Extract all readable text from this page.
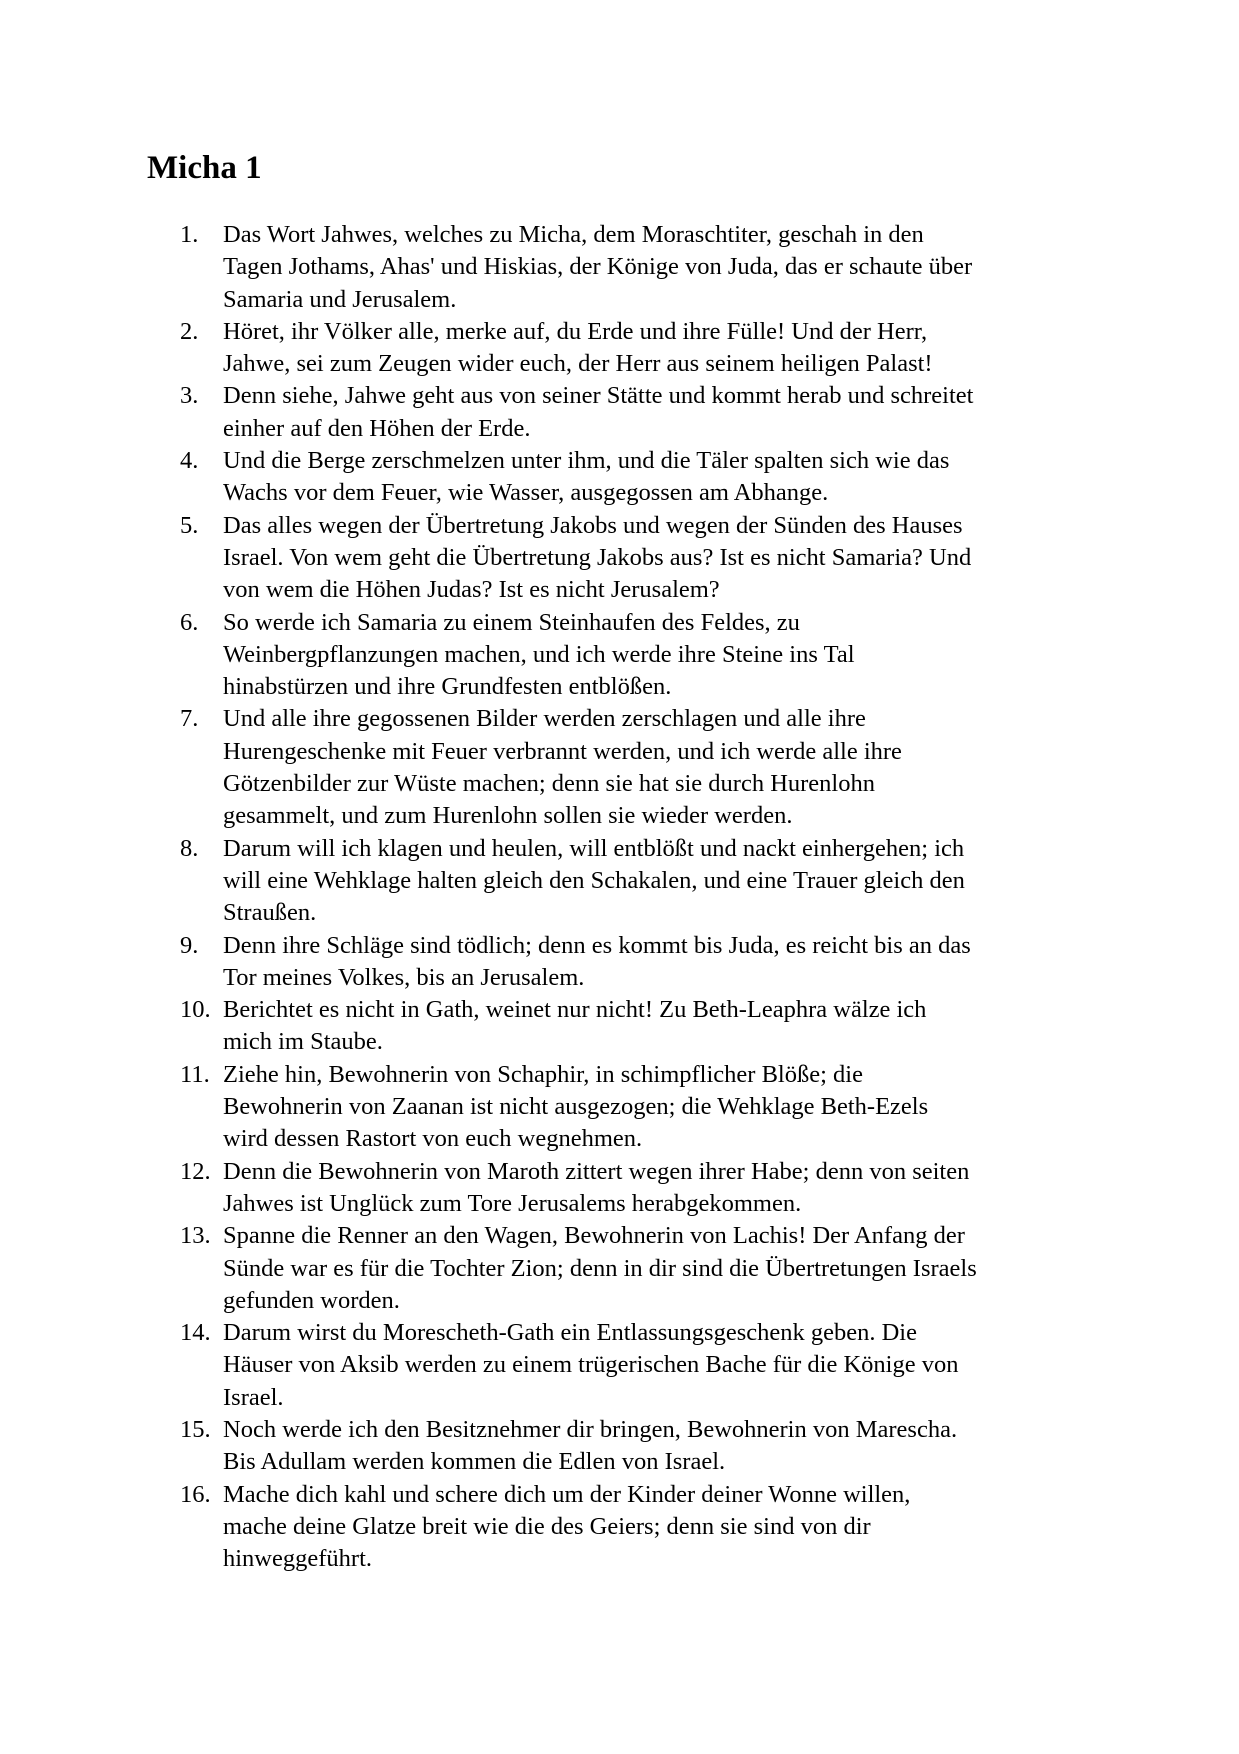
Micha 1
1.	Das Wort Jahwes, welches zu Micha, dem Moraschtiter, geschah in den
Tagen Jothams, Ahas' und Hiskias, der Könige von Juda, das er schaute über
Samaria und Jerusalem.
2.	Höret, ihr Völker alle, merke auf, du Erde und ihre Fülle! Und der Herr,
Jahwe, sei zum Zeugen wider euch, der Herr aus seinem heiligen Palast!
3.	Denn siehe, Jahwe geht aus von seiner Stätte und kommt herab und schreitet
einher auf den Höhen der Erde.
4.	Und die Berge zerschmelzen unter ihm, und die Täler spalten sich wie das
Wachs vor dem Feuer, wie Wasser, ausgegossen am Abhange.
5.	Das alles wegen der Übertretung Jakobs und wegen der Sünden des Hauses
Israel. Von wem geht die Übertretung Jakobs aus? Ist es nicht Samaria? Und
von wem die Höhen Judas? Ist es nicht Jerusalem?
6.	So werde ich Samaria zu einem Steinhaufen des Feldes, zu
Weinbergpflanzungen machen, und ich werde ihre Steine ins Tal
hinabstürzen und ihre Grundfesten entblößen.
7.	Und alle ihre gegossenen Bilder werden zerschlagen und alle ihre
Hurengeschenke mit Feuer verbrannt werden, und ich werde alle ihre
Götzenbilder zur Wüste machen; denn sie hat sie durch Hurenlohn
gesammelt, und zum Hurenlohn sollen sie wieder werden.
8.	Darum will ich klagen und heulen, will entblößt und nackt einhergehen; ich
will eine Wehklage halten gleich den Schakalen, und eine Trauer gleich den
Straußen.
9.	Denn ihre Schläge sind tödlich; denn es kommt bis Juda, es reicht bis an das
Tor meines Volkes, bis an Jerusalem.
10. Berichtet es nicht in Gath, weinet nur nicht! Zu Beth-Leaphra wälze ich
mich im Staube.
11. Ziehe hin, Bewohnerin von Schaphir, in schimpflicher Blöße; die
Bewohnerin von Zaanan ist nicht ausgezogen; die Wehklage Beth-Ezels
wird dessen Rastort von euch wegnehmen.
12. Denn die Bewohnerin von Maroth zittert wegen ihrer Habe; denn von seiten
Jahwes ist Unglück zum Tore Jerusalems herabgekommen.
13. Spanne die Renner an den Wagen, Bewohnerin von Lachis! Der Anfang der
Sünde war es für die Tochter Zion; denn in dir sind die Übertretungen Israels
gefunden worden.
14. Darum wirst du Morescheth-Gath ein Entlassungsgeschenk geben. Die
Häuser von Aksib werden zu einem trügerischen Bache für die Könige von
Israel.
15. Noch werde ich den Besitznehmer dir bringen, Bewohnerin von Marescha.
Bis Adullam werden kommen die Edlen von Israel.
16. Mache dich kahl und schere dich um der Kinder deiner Wonne willen,
mache deine Glatze breit wie die des Geiers; denn sie sind von dir
hinweggeführt.
